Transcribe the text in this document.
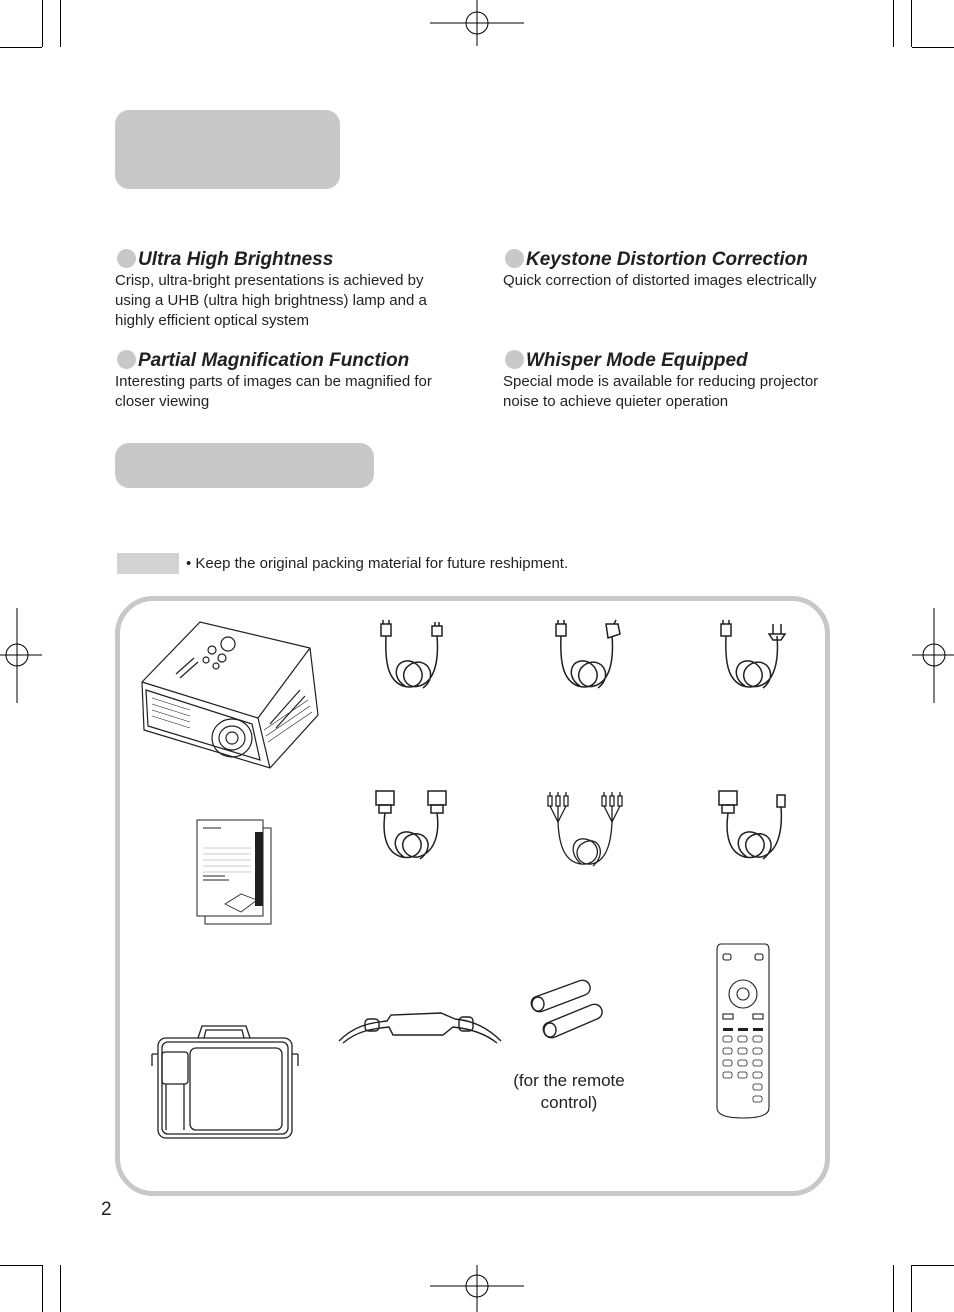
Ultra High Brightness
Crisp, ultra-bright presentations is achieved by using a UHB (ultra high brightness) lamp and a highly efficient optical system
Keystone Distortion Correction
Quick correction of distorted images electrically
Partial Magnification Function
Interesting parts of images can be magnified for closer viewing
Whisper Mode Equipped
Special mode is available for reducing projector noise to achieve quieter operation
• Keep the original packing material for future reshipment.
(for the remote control)
2
